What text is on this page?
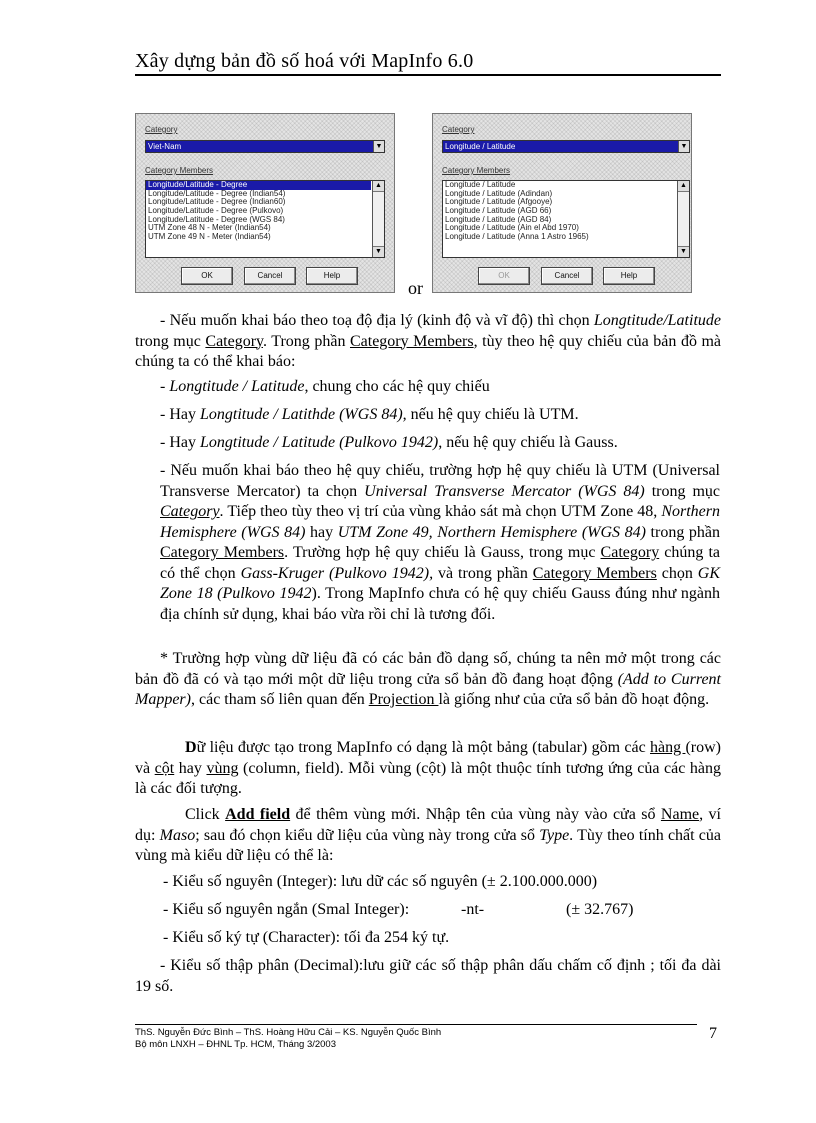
Xây dựng bản đồ số hoá với MapInfo 6.0
Category
Viet-Nam	▼
Category Members
Longitude/Latitude - Degree
Longitude/Latitude - Degree (Indian54)
Longitude/Latitude - Degree (Indian60)
Longitude/Latitude - Degree (Pulkovo)
Longitude/Latitude - Degree (WGS 84)
UTM Zone 48 N - Meter (Indian54)
UTM Zone 49 N - Meter (Indian54)
▲
▼
OK	Cancel	Help
or
Category
Longitude / Latitude	▼
Category Members
Longitude / Latitude
Longitude / Latitude (Adindan)
Longitude / Latitude (Afgooye)
Longitude / Latitude (AGD 66)
Longitude / Latitude (AGD 84)
Longitude / Latitude (Ain el Abd 1970)
Longitude / Latitude (Anna 1 Astro 1965)
▲
▼
OK	Cancel	Help
- Nếu muốn khai báo theo toạ độ địa lý (kinh độ và vĩ độ) thì chọn Longtitude/Latitude trong mục Category. Trong phần Category Members, tùy theo hệ quy chiếu của bản đồ mà chúng ta có thể khai báo:
- Longtitude / Latitude, chung cho các hệ quy chiếu
- Hay Longtitude / Latithde (WGS 84), nếu hệ quy chiếu là UTM.
- Hay Longtitude / Latitude (Pulkovo 1942), nếu hệ quy chiếu là Gauss.
- Nếu muốn khai báo theo hệ quy chiếu, trường hợp hệ quy chiếu là UTM (Universal Transverse Mercator) ta chọn Universal Transverse Mercator (WGS 84) trong mục Category. Tiếp theo tùy theo vị trí của vùng khảo sát mà chọn UTM Zone 48, Northern Hemisphere (WGS 84) hay UTM Zone 49, Northern Hemisphere (WGS 84) trong phần Category Members. Trường hợp hệ quy chiếu là Gauss, trong mục Category chúng ta có thể chọn Gass-Kruger (Pulkovo 1942), và trong phần Category Members chọn GK Zone 18 (Pulkovo 1942). Trong MapInfo chưa có hệ quy chiếu Gauss đúng như ngành địa chính sử dụng, khai báo vừa rồi chỉ là tương đối.
* Trường hợp vùng dữ liệu đã có các bản đồ dạng số, chúng ta nên mở một trong các bản đồ đã có và tạo mới một dữ liệu trong cửa sổ bản đồ đang hoạt động (Add to Current Mapper), các tham số liên quan đến Projection là giống như của cửa sổ bản đồ hoạt động.
Dữ liệu được tạo trong MapInfo có dạng là một bảng (tabular) gồm các hàng (row) và cột hay vùng (column, field). Mỗi vùng (cột) là một thuộc tính tương ứng của các hàng là các đối tượng.
Click Add field để thêm vùng mới. Nhập tên của vùng này vào cửa sổ Name, ví dụ: Maso; sau đó chọn kiểu dữ liệu của vùng này trong cửa sổ Type. Tùy theo tính chất của vùng mà kiểu dữ liệu có thể là:
- Kiểu số nguyên (Integer): lưu dữ các số nguyên (± 2.100.000.000)
- Kiểu số nguyên ngắn (Smal Integer):	-nt-	(± 32.767)
- Kiểu số ký tự (Character): tối đa 254 ký tự.
- Kiểu số thập phân (Decimal):lưu giữ các số thập phân dấu chấm cố định ; tối đa dài 19 số.
ThS. Nguyễn Đức Bình – ThS. Hoàng Hữu Cải – KS. Nguyễn Quốc Bình
Bộ môn LNXH – ĐHNL Tp. HCM, Tháng 3/2003
7
